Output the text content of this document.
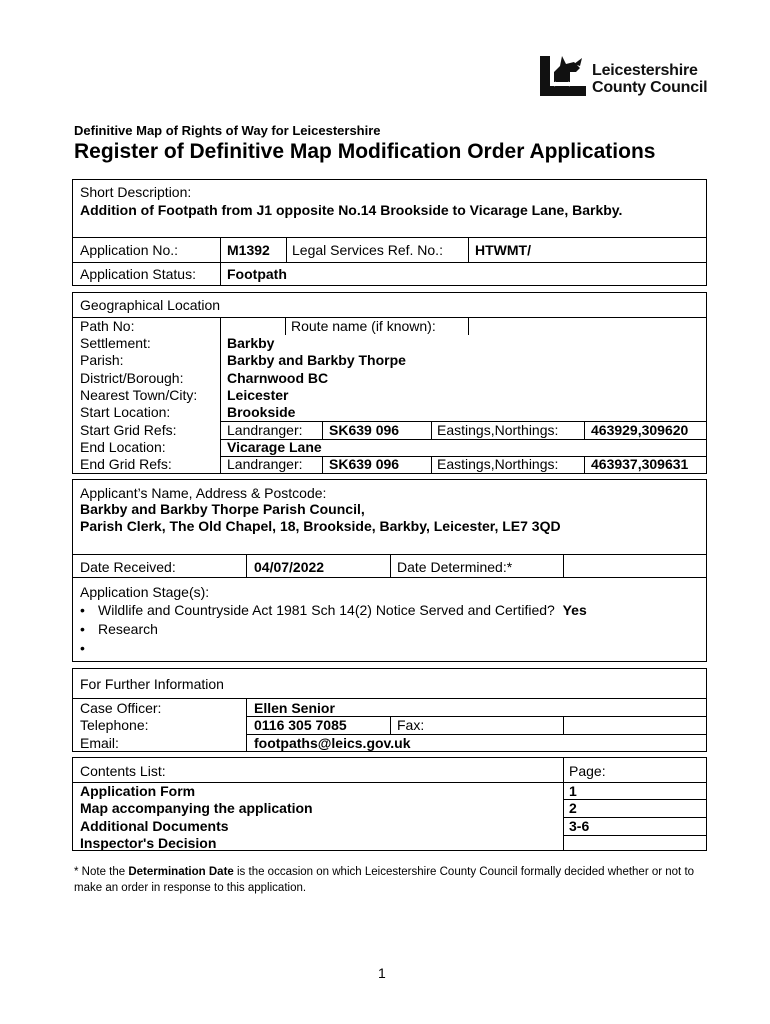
Leicestershire
County Council
Definitive Map of Rights of Way for Leicestershire
Register of Definitive Map Modification Order Applications
Short Description:
Addition of Footpath from J1 opposite No.14 Brookside to Vicarage Lane, Barkby.
Application No.:	M1392 Legal Services Ref. No.: HTWMT/
Application Status: Footpath
Geographical Location
Path No:	Route name (if known):
Settlement:	Barkby
Parish:	Barkby and Barkby Thorpe
District/Borough:	Charnwood BC
Nearest Town/City: Leicester
Start Location:	Brookside
Start Grid Refs:	Landranger: SK639 096	Eastings,Northings: 463929,309620
End Location:	Vicarage Lane
End Grid Refs:	Landranger: SK639 096	Eastings,Northings: 463937,309631
Applicant’s Name, Address & Postcode:
Barkby and Barkby Thorpe Parish Council,
Parish Clerk, The Old Chapel, 18, Brookside, Barkby, Leicester, LE7 3QD
Date Received:	04/07/2022	Date Determined:*
Application Stage(s):
• Wildlife and Countryside Act 1981 Sch 14(2) Notice Served and Certified? Yes
• Research
•
For Further Information
Case Officer:	Ellen Senior
Telephone:	0116 305 7085	Fax:
Email:	footpaths@leics.gov.uk
Contents List:	Page:
Application Form	1
Map accompanying the application	2
Additional Documents	3-6
Inspector's Decision
* Note the Determination Date is the occasion on which Leicestershire County Council formally decided whether or not to make an order in response to this application.
1
